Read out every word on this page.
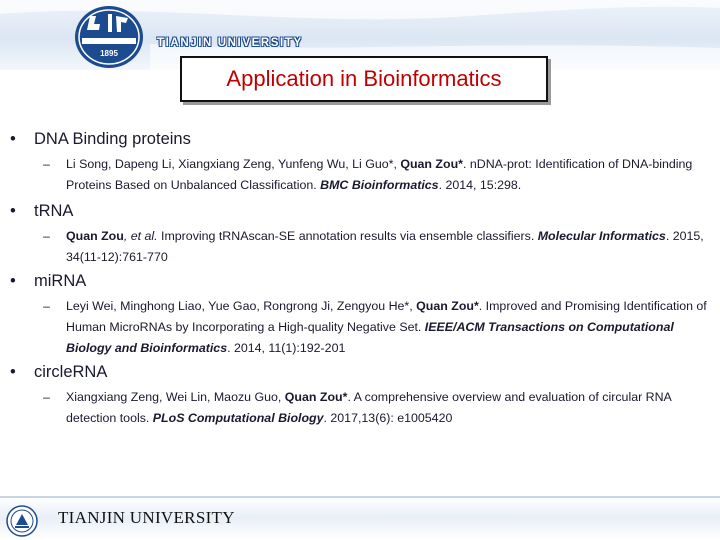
1895
TIANJIN UNIVERSITY
Application in Bioinformatics
• DNA Binding proteins
– Li Song, Dapeng Li, Xiangxiang Zeng, Yunfeng Wu, Li Guo*, Quan Zou*. nDNA-prot: Identification of DNA-binding Proteins Based on Unbalanced Classification. BMC Bioinformatics. 2014, 15:298.
• tRNA
– Quan Zou, et al. Improving tRNAscan-SE annotation results via ensemble classifiers. Molecular Informatics. 2015, 34(11-12):761-770
• miRNA
– Leyi Wei, Minghong Liao, Yue Gao, Rongrong Ji, Zengyou He*, Quan Zou*. Improved and Promising Identification of Human MicroRNAs by Incorporating a High-quality Negative Set. IEEE/ACM Transactions on Computational Biology and Bioinformatics. 2014, 11(1):192-201
• circleRNA
– Xiangxiang Zeng, Wei Lin, Maozu Guo, Quan Zou*. A comprehensive overview and evaluation of circular RNA detection tools. PLoS Computational Biology. 2017,13(6): e1005420
TIANJIN UNIVERSITY
